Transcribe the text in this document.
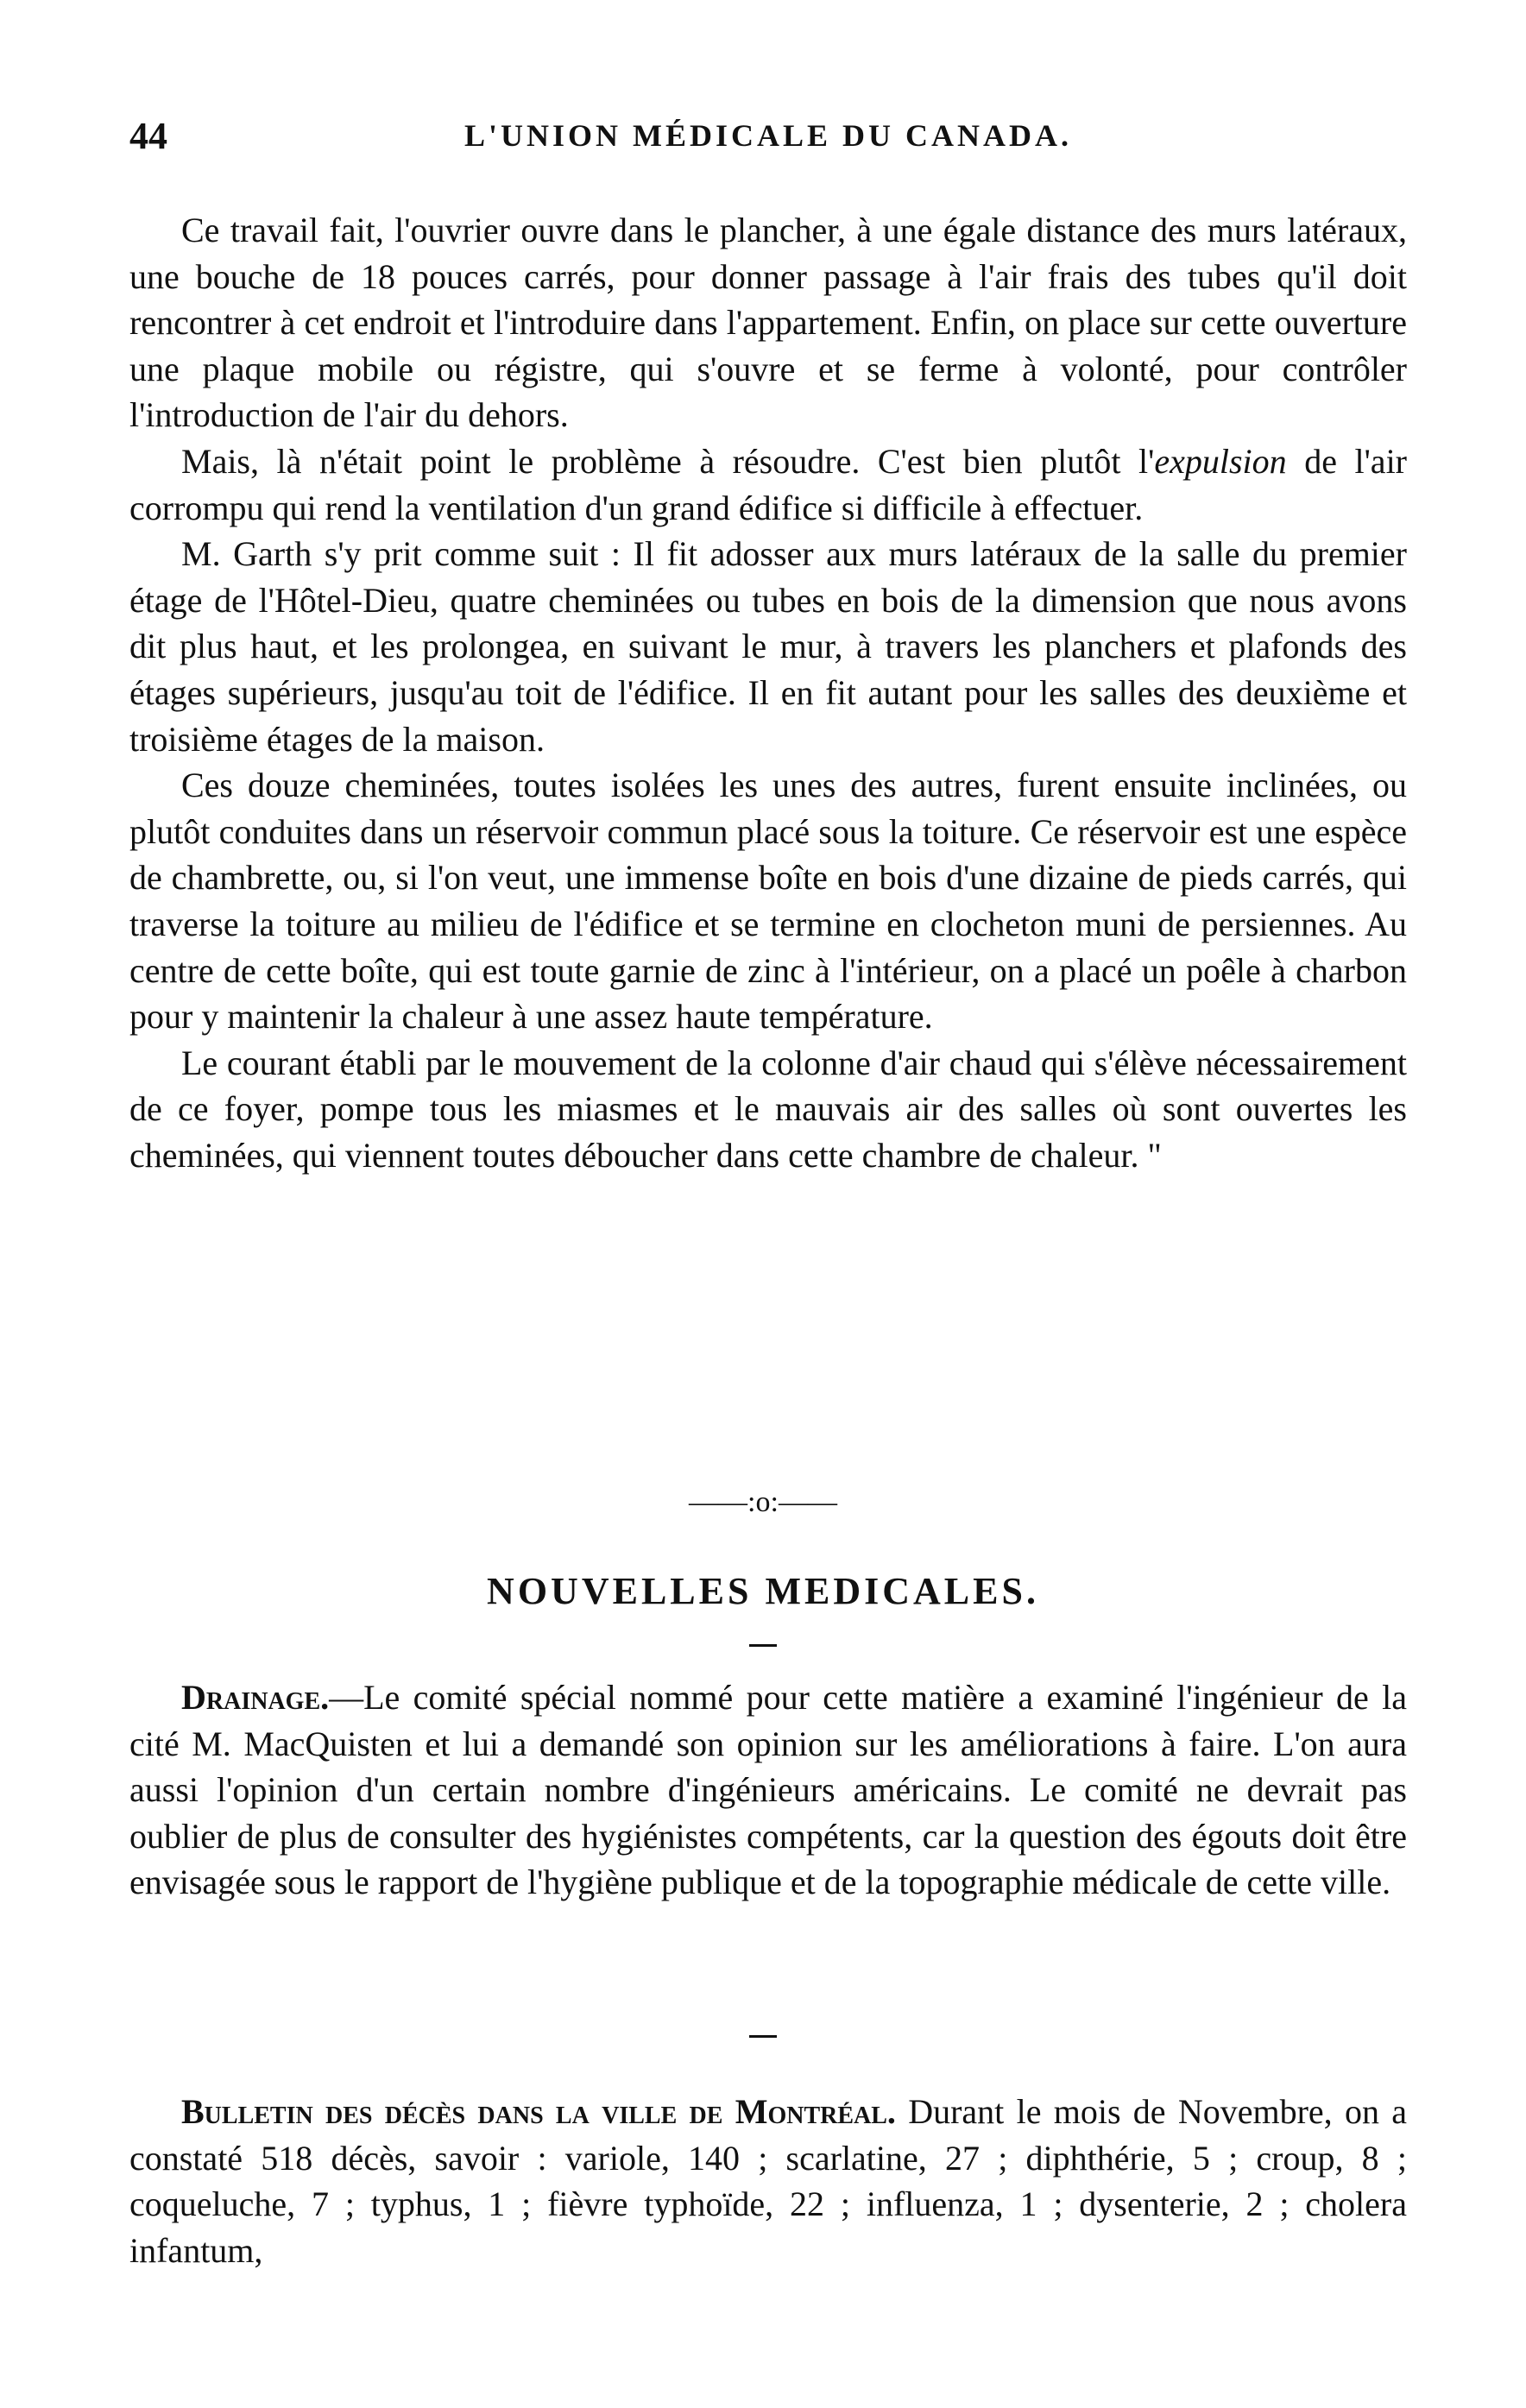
44	L'UNION MÉDICALE DU CANADA.

Ce travail fait, l'ouvrier ouvre dans le plancher, à une égale distance des murs latéraux, une bouche de 18 pouces carrés, pour donner passage à l'air frais des tubes qu'il doit rencontrer à cet endroit et l'introduire dans l'appartement. Enfin, on place sur cette ouverture une plaque mobile ou régistre, qui s'ouvre et se ferme à volonté, pour contrôler l'introduction de l'air du dehors.

Mais, là n'était point le problème à résoudre. C'est bien plutôt l'expulsion de l'air corrompu qui rend la ventilation d'un grand édifice si difficile à effectuer.

M. Garth s'y prit comme suit : Il fit adosser aux murs latéraux de la salle du premier étage de l'Hôtel-Dieu, quatre cheminées ou tubes en bois de la dimension que nous avons dit plus haut, et les prolongea, en suivant le mur, à travers les planchers et plafonds des étages supérieurs, jusqu'au toit de l'édifice. Il en fit autant pour les salles des deuxième et troisième étages de la maison.

Ces douze cheminées, toutes isolées les unes des autres, furent ensuite inclinées, ou plutôt conduites dans un réservoir commun placé sous la toiture. Ce réservoir est une espèce de chambrette, ou, si l'on veut, une immense boîte en bois d'une dizaine de pieds carrés, qui traverse la toiture au milieu de l'édifice et se termine en clocheton muni de persiennes. Au centre de cette boîte, qui est toute garnie de zinc à l'intérieur, on a placé un poêle à charbon pour y maintenir la chaleur à une assez haute température.

Le courant établi par le mouvement de la colonne d'air chaud qui s'élève nécessairement de ce foyer, pompe tous les miasmes et le mauvais air des salles où sont ouvertes les cheminées, qui viennent toutes déboucher dans cette chambre de chaleur. "

——:o:——
NOUVELLES MEDICALES.

Drainage.—Le comité spécial nommé pour cette matière a examiné l'ingénieur de la cité M. MacQuisten et lui a demandé son opinion sur les améliorations à faire. L'on aura aussi l'opinion d'un certain nombre d'ingénieurs américains. Le comité ne devrait pas oublier de plus de consulter des hygiénistes compétents, car la question des égouts doit être envisagée sous le rapport de l'hygiène publique et de la topographie médicale de cette ville.

Bulletin des décès dans la ville de Montréal. Durant le mois de Novembre, on a constaté 518 décès, savoir : variole, 140 ; scarlatine, 27 ; diphthérie, 5 ; croup, 8 ; coqueluche, 7 ; typhus, 1 ; fièvre typhoïde, 22 ; influenza, 1 ; dysenterie, 2 ; cholera infantum,
